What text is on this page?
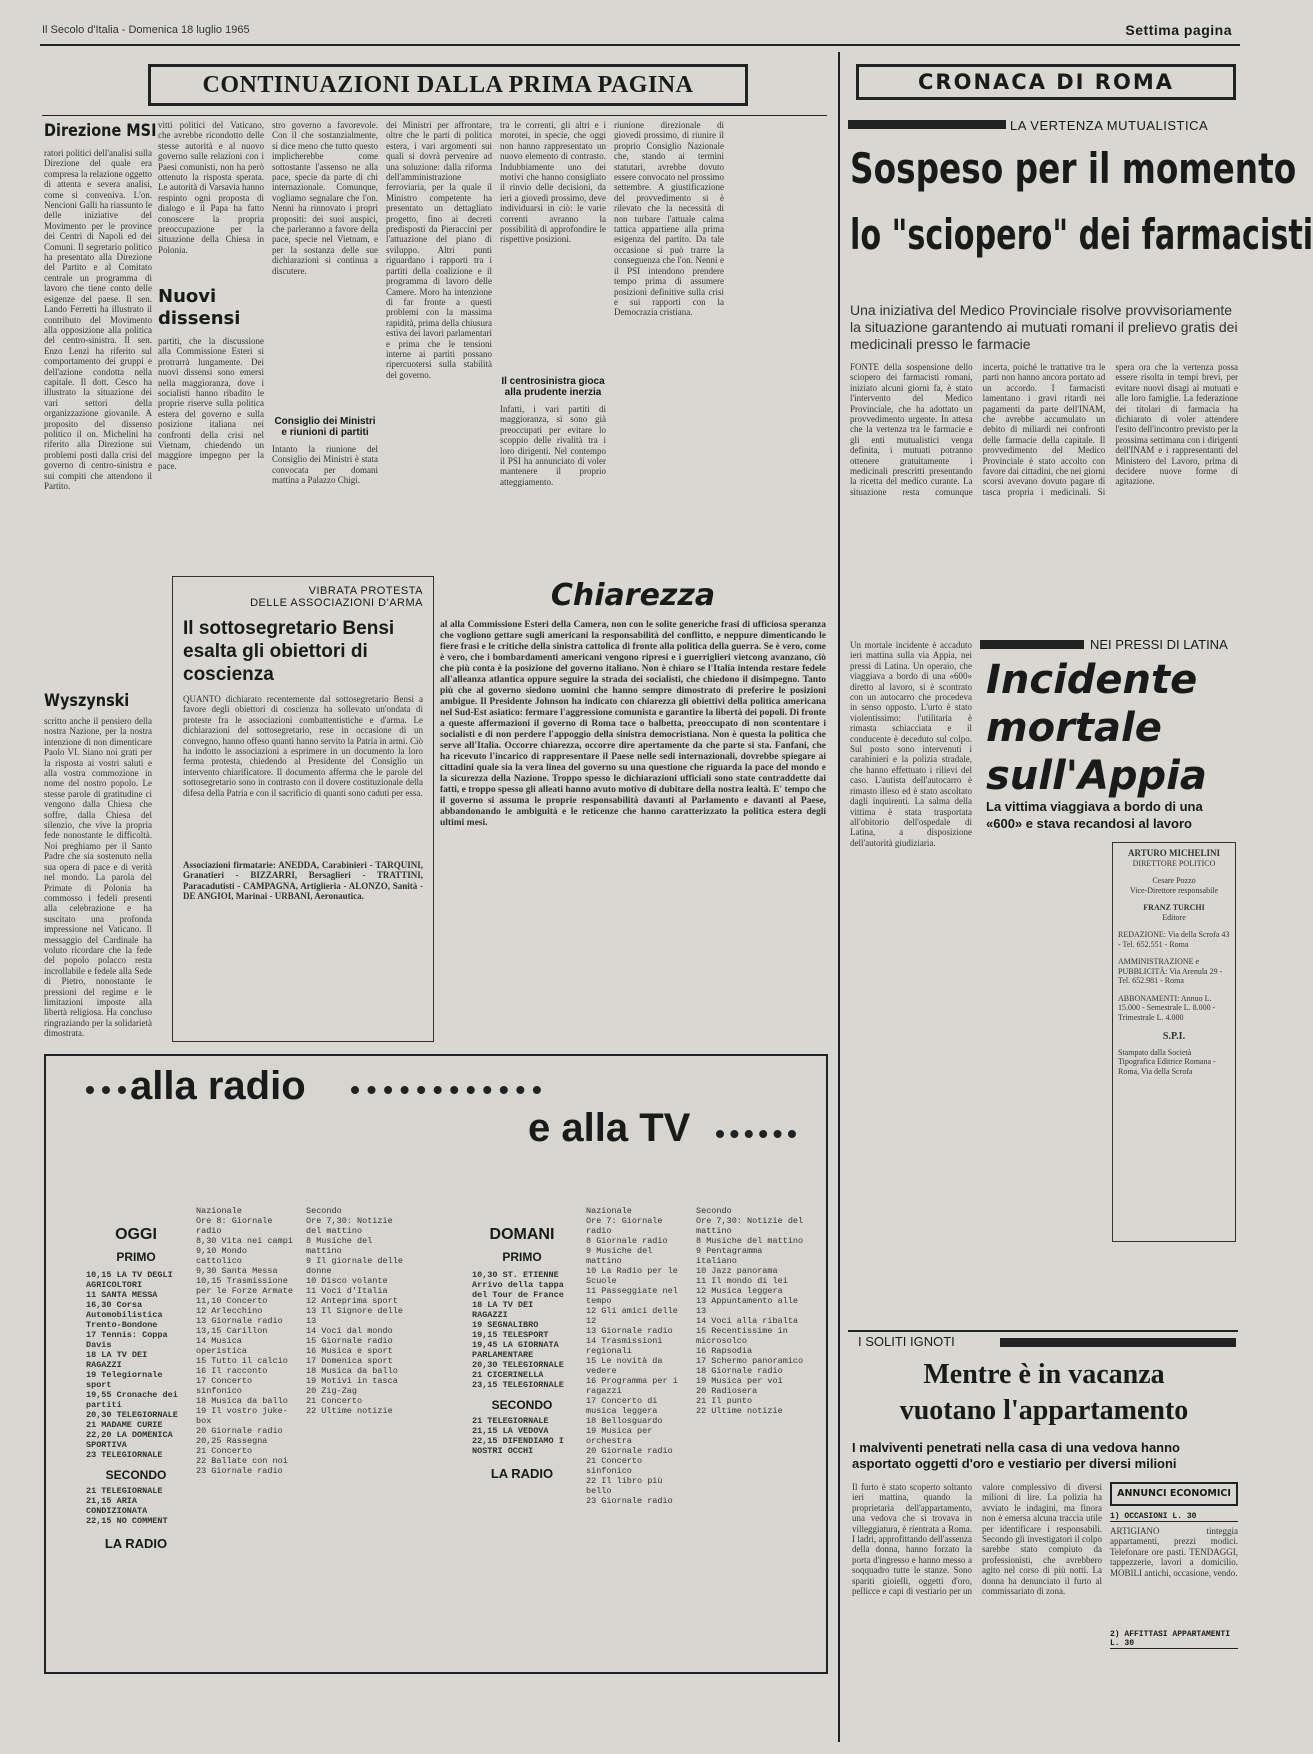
Il Secolo d'Italia - Domenica 18 luglio 1965	Settima pagina
CONTINUAZIONI DALLA PRIMA PAGINA
Direzione MSI
ratori politici dell'analisi sulla Direzione del quale era compresa la relazione oggetto di attenta e severa analisi, come si conveniva. L'on. Nencioni Galli ha riassunto le delle iniziative del Movimento per le province dei Centri di Napoli ed dei Comuni. Il segretario politico ha presentato alla Direzione del Partito e al Comitato centrale un programma di lavoro che tiene conto delle esigenze del paese. Il sen. Lando Ferretti ha illustrato il contributo del Movimento alla opposizione alla politica del centro-sinistra. Il sen. Enzo Lenzi ha riferito sul comportamento dei gruppi e dell'azione condotta nella capitale. Il dott. Cesco ha illustrato la situazione dei vari settori della organizzazione giovanile. A proposito del dissenso politico il on. Michelini ha riferito alla Direzione sui problemi posti dalla crisi del governo di centro-sinistra e sui compiti che attendono il Partito.
Wyszynski
scritto anche il pensiero della nostra Nazione, per la nostra intenzione di non dimenticare Paolo VI. Siano noi grati per la risposta ai vostri saluti e alla vostra commozione in nome del nostro popolo. Le stesse parole di gratitudine ci vengono dalla Chiesa che soffre, dalla Chiesa del silenzio, che vive la propria fede nonostante le difficoltà. Noi preghiamo per il Santo Padre che sia sostenuto nella sua opera di pace e di verità nel mondo. La parola del Primate di Polonia ha commosso i fedeli presenti alla celebrazione e ha suscitato una profonda impressione nel Vaticano. Il messaggio del Cardinale ha voluto ricordare che la fede del popolo polacco resta incrollabile e fedele alla Sede di Pietro, nonostante le pressioni del regime e le limitazioni imposte alla libertà religiosa. Ha concluso ringraziando per la solidarietà dimostrata.
vitti politici del Vaticano, che avrebbe ricondotto delle stesse autorità e al nuovo governo sulle relazioni con i Paesi comunisti, non ha però ottenuto la risposta sperata. Le autorità di Varsavia hanno respinto ogni proposta di dialogo e il Papa ha fatto conoscere la propria preoccupazione per la situazione della Chiesa in Polonia.
Nuovi dissensi
partiti, che la discussione alla Commissione Esteri si protrarrà lungamente. Dei nuovi dissensi sono emersi nella maggioranza, dove i socialisti hanno ribadito le proprie riserve sulla politica estera del governo e sulla posizione italiana nei confronti della crisi nel Vietnam, chiedendo un maggiore impegno per la pace.
stro governo a favorevole. Con il che sostanzialmente, si dice meno che tutto questo implicherebbe come sottostante l'assenso ne alla pace, specie da parte di chi internazionale. Comunque, vogliamo segnalare che l'on. Nenni ha rinnovato i propri propositi: dei suoi auspici, che parleranno a favore della pace, specie nel Vietnam, e per la sostanza delle sue dichiarazioni si continua a discutere.
Consiglio dei Ministri e riunioni di partiti
Intanto la riunione del Consiglio dei Ministri è stata convocata per domani mattina a Palazzo Chigi.
dei Ministri per affrontare, oltre che le parti di politica estera, i vari argomenti sui quali si dovrà pervenire ad una soluzione: dalla riforma dell'amministrazione ferroviaria, per la quale il Ministro competente ha presentato un dettagliato progetto, fino ai decreti predisposti da Pieraccini per l'attuazione del piano di sviluppo. Altri punti riguardano i rapporti tra i partiti della coalizione e il programma di lavoro delle Camere. Moro ha intenzione di far fronte a questi problemi con la massima rapidità, prima della chiusura estiva dei lavori parlamentari e prima che le tensioni interne ai partiti possano ripercuotersi sulla stabilità del governo.
tra le correnti, gli altri e i morotei, in specie, che oggi non hanno rappresentato un nuovo elemento di contrasto. Indubbiamente uno dei motivi che hanno consigliato il rinvio delle decisioni, da ieri a giovedì prossimo, deve individuarsi in ciò: le varie correnti avranno la possibilità di approfondire le rispettive posizioni.
Il centrosinistra gioca alla prudente inerzia
Infatti, i vari partiti di maggioranza, si sono già preoccupati per evitare lo scoppio delle rivalità tra i loro dirigenti. Nel contempo il PSI ha annunciato di voler mantenere il proprio atteggiamento.
riunione direzionale di giovedì prossimo, di riunire il proprio Consiglio Nazionale che, stando ai termini statutari, avrebbe dovuto essere convocato nel prossimo settembre. A giustificazione del provvedimento si è rilevato che la necessità di non turbare l'attuale calma tattica appartiene alla prima esigenza del partito. Da tale occasione si può trarre la conseguenza che l'on. Nenni e il PSI intendono prendere tempo prima di assumere posizioni definitive sulla crisi e sui rapporti con la Democrazia cristiana.
VIBRATA PROTESTA
DELLE ASSOCIAZIONI D'ARMA
Il sottosegretario Bensi esalta gli obiettori di coscienza
QUANTO dichiarato recentemente dal sottosegretario Bensi a favore degli obiettori di coscienza ha sollevato un'ondata di proteste fra le associazioni combattentistiche e d'arma. Le dichiarazioni del sottosegretario, rese in occasione di un convegno, hanno offeso quanti hanno servito la Patria in armi. Ciò ha indotto le associazioni a esprimere in un documento la loro ferma protesta, chiedendo al Presidente del Consiglio un intervento chiarificatore. Il documento afferma che le parole del sottosegretario sono in contrasto con il dovere costituzionale della difesa della Patria e con il sacrificio di quanti sono caduti per essa.
Associazioni firmatarie: ANEDDA, Carabinieri - TARQUINI, Granatieri - BIZZARRI, Bersaglieri - TRATTINI, Paracadutisti - CAMPAGNA, Artiglieria - ALONZO, Sanità - DE ANGIOI, Marinai - URBANI, Aeronautica.
Chiarezza
al alla Commissione Esteri della Camera, non con le solite generiche frasi di ufficiosa speranza che vogliono gettare sugli americani la responsabilità del conflitto, e neppure dimenticando le fiere frasi e le critiche della sinistra cattolica di fronte alla politica della guerra. Se è vero, come è vero, che i bombardamenti americani vengono ripresi e i guerriglieri vietcong avanzano, ciò che più conta è la posizione del governo italiano. Non è chiaro se l'Italia intenda restare fedele all'alleanza atlantica oppure seguire la strada dei socialisti, che chiedono il disimpegno. Tanto più che al governo siedono uomini che hanno sempre dimostrato di preferire le posizioni ambigue. Il Presidente Johnson ha indicato con chiarezza gli obiettivi della politica americana nel Sud-Est asiatico: fermare l'aggressione comunista e garantire la libertà dei popoli. Di fronte a queste affermazioni il governo di Roma tace o balbetta, preoccupato di non scontentare i socialisti e di non perdere l'appoggio della sinistra democristiana. Non è questa la politica che serve all'Italia. Occorre chiarezza, occorre dire apertamente da che parte si sta. Fanfani, che ha ricevuto l'incarico di rappresentare il Paese nelle sedi internazionali, dovrebbe spiegare ai cittadini quale sia la vera linea del governo su una questione che riguarda la pace del mondo e la sicurezza della Nazione. Troppo spesso le dichiarazioni ufficiali sono state contraddette dai fatti, e troppo spesso gli alleati hanno avuto motivo di dubitare della nostra lealtà. E' tempo che il governo si assuma le proprie responsabilità davanti al Parlamento e davanti al Paese, abbandonando le ambiguità e le reticenze che hanno caratterizzato la politica estera degli ultimi mesi.
alla radio
e alla TV
OGGI
PRIMO
10,15 LA TV DEGLI AGRICOLTORI
11 SANTA MESSA
16,30 Corsa Automobilistica Trento-Bondone
17 Tennis: Coppa Davis
18 LA TV DEI RAGAZZI
19 Telegiornale sport
19,55 Cronache dei partiti
20,30 TELEGIORNALE
21 MADAME CURIE
22,20 LA DOMENICA SPORTIVA
23 TELEGIORNALE
SECONDO
21 TELEGIORNALE
21,15 ARIA CONDIZIONATA
22,15 NO COMMENT
LA RADIO
Nazionale
Ore 8: Giornale radio
8,30 Vita nei campi
9,10 Mondo cattolico
9,30 Santa Messa
10,15 Trasmissione per le Forze Armate
11,10 Concerto
12 Arlecchino
13 Giornale radio
13,15 Carillon
14 Musica operistica
15 Tutto il calcio
16 Il racconto
17 Concerto sinfonico
18 Musica da ballo
19 Il vostro juke-box
20 Giornale radio
20,25 Rassegna
21 Concerto
22 Ballate con noi
23 Giornale radio
Secondo
Ore 7,30: Notizie del mattino
8 Musiche del mattino
9 Il giornale delle donne
10 Disco volante
11 Voci d'Italia
12 Anteprima sport
13 Il Signore delle 13
14 Voci dal mondo
15 Giornale radio
16 Musica e sport
17 Domenica sport
18 Musica da ballo
19 Motivi in tasca
20 Zig-Zag
21 Concerto
22 Ultime notizie
DOMANI
PRIMO
10,30 ST. ETIENNE Arrivo della tappa del Tour de France
18 LA TV DEI RAGAZZI
19 SEGNALIBRO
19,15 TELESPORT
19,45 LA GIORNATA PARLAMENTARE
20,30 TELEGIORNALE
21 CICERINELLA
23,15 TELEGIORNALE
SECONDO
21 TELEGIORNALE
21,15 LA VEDOVA
22,15 DIFENDIAMO I NOSTRI OCCHI
LA RADIO
Nazionale
Ore 7: Giornale radio
8 Giornale radio
9 Musiche del mattino
10 La Radio per le Scuole
11 Passeggiate nel tempo
12 Gli amici delle 12
13 Giornale radio
14 Trasmissioni regionali
15 Le novità da vedere
16 Programma per i ragazzi
17 Concerto di musica leggera
18 Bellosguardo
19 Musica per orchestra
20 Giornale radio
21 Concerto sinfonico
22 Il libro più bello
23 Giornale radio
Secondo
Ore 7,30: Notizie del mattino
8 Musiche del mattino
9 Pentagramma italiano
10 Jazz panorama
11 Il mondo di lei
12 Musica leggera
13 Appuntamento alle 13
14 Voci alla ribalta
15 Recentissime in microsolco
16 Rapsodia
17 Schermo panoramico
18 Giornale radio
19 Musica per voi
20 Radiosera
21 Il punto
22 Ultime notizie
CRONACA DI ROMA
LA VERTENZA MUTUALISTICA
Sospeso per il momento
lo "sciopero" dei farmacisti
Una iniziativa del Medico Provinciale risolve provvisoriamente la situazione garantendo ai mutuati romani il prelievo gratis dei medicinali presso le farmacie
FONTE della sospensione dello sciopero dei farmacisti romani, iniziato alcuni giorni fa, è stato l'intervento del Medico Provinciale, che ha adottato un provvedimento urgente. In attesa che la vertenza tra le farmacie e gli enti mutualistici venga definita, i mutuati potranno ottenere gratuitamente i medicinali prescritti presentando la ricetta del medico curante. La situazione resta comunque incerta, poiché le trattative tra le parti non hanno ancora portato ad un accordo. I farmacisti lamentano i gravi ritardi nei pagamenti da parte dell'INAM, che avrebbe accumulato un debito di miliardi nei confronti delle farmacie della capitale. Il provvedimento del Medico Provinciale è stato accolto con favore dai cittadini, che nei giorni scorsi avevano dovuto pagare di tasca propria i medicinali. Si spera ora che la vertenza possa essere risolta in tempi brevi, per evitare nuovi disagi ai mutuati e alle loro famiglie. La federazione dei titolari di farmacia ha dichiarato di voler attendere l'esito dell'incontro previsto per la prossima settimana con i dirigenti dell'INAM e i rappresentanti del Ministero del Lavoro, prima di decidere nuove forme di agitazione.
NEI PRESSI DI LATINA
Incidente mortale sull'Appia
La vittima viaggiava a bordo di una «600» e stava recandosi al lavoro
Un mortale incidente è accaduto ieri mattina sulla via Appia, nei pressi di Latina. Un operaio, che viaggiava a bordo di una «600» diretto al lavoro, si è scontrato con un autocarro che procedeva in senso opposto. L'urto è stato violentissimo: l'utilitaria è rimasta schiacciata e il conducente è deceduto sul colpo. Sul posto sono intervenuti i carabinieri e la polizia stradale, che hanno effettuato i rilievi del caso. L'autista dell'autocarro è rimasto illeso ed è stato ascoltato dagli inquirenti. La salma della vittima è stata trasportata all'obitorio dell'ospedale di Latina, a disposizione dell'autorità giudiziaria.
ARTURO MICHELINI
DIRETTORE POLITICO
Cesare Pozzo
Vice-Direttore responsabile
FRANZ TURCHI
Editore
REDAZIONE: Via della Scrofa 43 - Tel. 652.551 - Roma
AMMINISTRAZIONE e PUBBLICITÀ: Via Arenula 29 - Tel. 652.981 - Roma
ABBONAMENTI: Annuo L. 15.000 - Semestrale L. 8.000 - Trimestrale L. 4.000
S.P.I.
Stampato dalla Società Tipografica Editrice Romana - Roma, Via della Scrofa
I SOLITI IGNOTI
Mentre è in vacanza
vuotano l'appartamento
I malviventi penetrati nella casa di una vedova hanno asportato oggetti d'oro e vestiario per diversi milioni
Il furto è stato scoperto soltanto ieri mattina, quando la proprietaria dell'appartamento, una vedova che si trovava in villeggiatura, è rientrata a Roma. I ladri, approfittando dell'assenza della donna, hanno forzato la porta d'ingresso e hanno messo a soqquadro tutte le stanze. Sono spariti gioielli, oggetti d'oro, pellicce e capi di vestiario per un valore complessivo di diversi milioni di lire. La polizia ha avviato le indagini, ma finora non è emersa alcuna traccia utile per identificare i responsabili. Secondo gli investigatori il colpo sarebbe stato compiuto da professionisti, che avrebbero agito nel corso di più notti. La donna ha denunciato il furto al commissariato di zona.
ANNUNCI ECONOMICI
1) OCCASIONI L. 30
ARTIGIANO tinteggia appartamenti, prezzi modici. Telefonare ore pasti. TENDAGGI, tappezzerie, lavori a domicilio. MOBILI antichi, occasione, vendo.
2) AFFITTASI APPARTAMENTI L. 30
